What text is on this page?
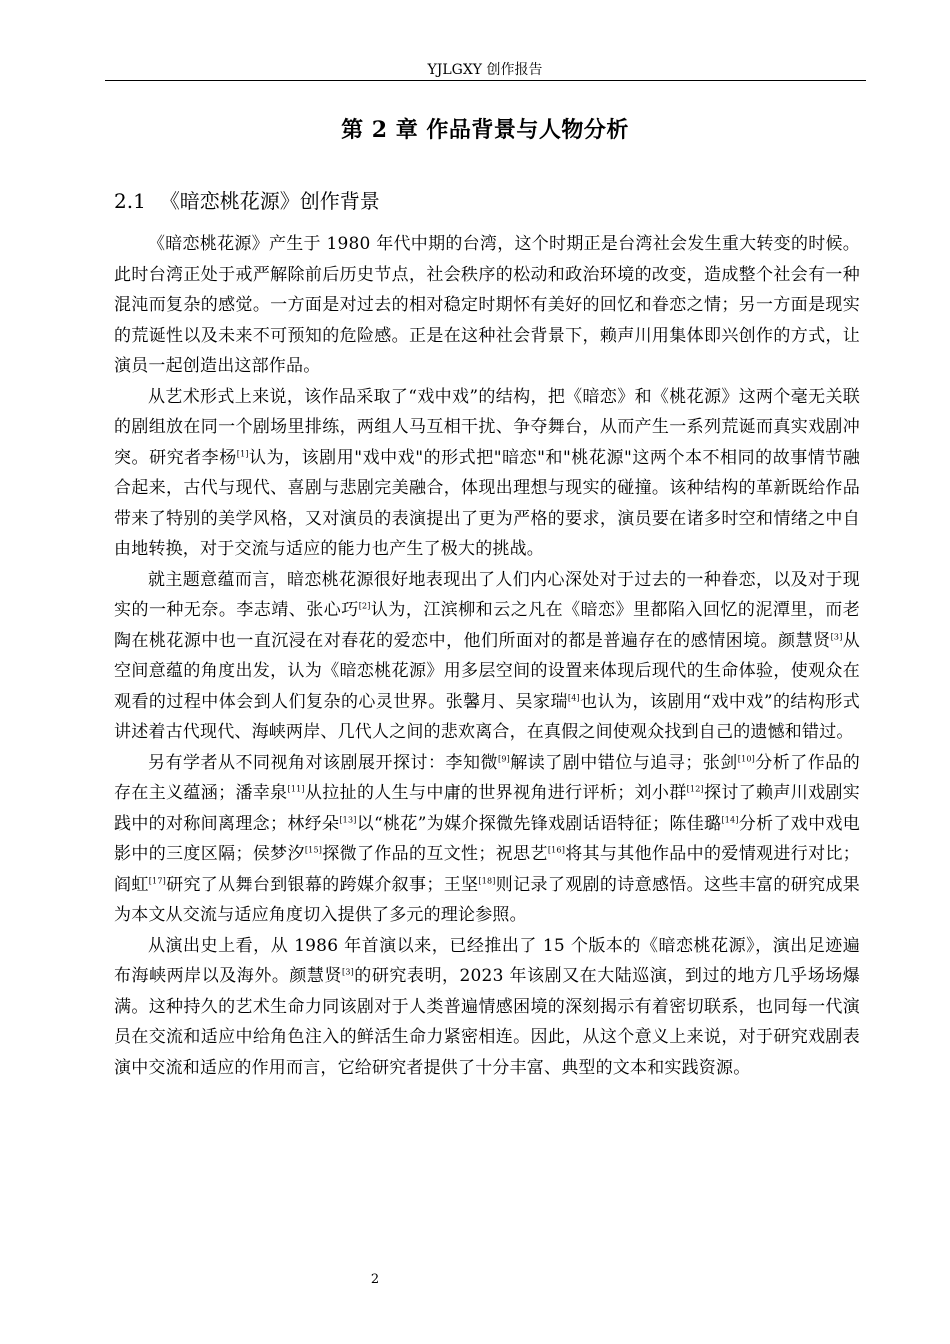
YJLGXY 创作报告
第 2 章 作品背景与人物分析
2.1 《暗恋桃花源》创作背景

《暗恋桃花源》产生于 1980 年代中期的台湾，这个时期正是台湾社会发生重大转变的时候。此时台湾正处于戒严解除前后历史节点，社会秩序的松动和政治环境的改变，造成整个社会有一种混沌而复杂的感觉。一方面是对过去的相对稳定时期怀有美好的回忆和眷恋之情；另一方面是现实的荒诞性以及未来不可预知的危险感。正是在这种社会背景下，赖声川用集体即兴创作的方式，让演员一起创造出这部作品。

从艺术形式上来说，该作品采取了“戏中戏”的结构，把《暗恋》和《桃花源》这两个毫无关联的剧组放在同一个剧场里排练，两组人马互相干扰、争夺舞台，从而产生一系列荒诞而真实戏剧冲突。研究者李杨[1]认为，该剧用"戏中戏"的形式把"暗恋"和"桃花源"这两个本不相同的故事情节融合起来，古代与现代、喜剧与悲剧完美融合，体现出理想与现实的碰撞。该种结构的革新既给作品带来了特别的美学风格，又对演员的表演提出了更为严格的要求，演员要在诸多时空和情绪之中自由地转换，对于交流与适应的能力也产生了极大的挑战。

就主题意蕴而言，暗恋桃花源很好地表现出了人们内心深处对于过去的一种眷恋，以及对于现实的一种无奈。李志靖、张心巧[2]认为，江滨柳和云之凡在《暗恋》里都陷入回忆的泥潭里，而老陶在桃花源中也一直沉浸在对春花的爱恋中，他们所面对的都是普遍存在的感情困境。颜慧贤[3]从空间意蕴的角度出发，认为《暗恋桃花源》用多层空间的设置来体现后现代的生命体验，使观众在观看的过程中体会到人们复杂的心灵世界。张馨月、吴家瑞[4]也认为，该剧用“戏中戏”的结构形式讲述着古代现代、海峡两岸、几代人之间的悲欢离合，在真假之间使观众找到自己的遗憾和错过。

另有学者从不同视角对该剧展开探讨：李知微[9]解读了剧中错位与追寻；张剑[10]分析了作品的存在主义蕴涵；潘幸泉[11]从拉扯的人生与中庸的世界视角进行评析；刘小群[12]探讨了赖声川戏剧实践中的对称间离理念；林纾朵[13]以“桃花”为媒介探微先锋戏剧话语特征；陈佳璐[14]分析了戏中戏电影中的三度区隔；侯梦汐[15]探微了作品的互文性；祝思艺[16]将其与其他作品中的爱情观进行对比；阎虹[17]研究了从舞台到银幕的跨媒介叙事；王坚[18]则记录了观剧的诗意感悟。这些丰富的研究成果为本文从交流与适应角度切入提供了多元的理论参照。

从演出史上看，从 1986 年首演以来，已经推出了 15 个版本的《暗恋桃花源》，演出足迹遍布海峡两岸以及海外。颜慧贤[3]的研究表明，2023 年该剧又在大陆巡演，到过的地方几乎场场爆满。这种持久的艺术生命力同该剧对于人类普遍情感困境的深刻揭示有着密切联系，也同每一代演员在交流和适应中给角色注入的鲜活生命力紧密相连。因此，从这个意义上来说，对于研究戏剧表演中交流和适应的作用而言，它给研究者提供了十分丰富、典型的文本和实践资源。

2
